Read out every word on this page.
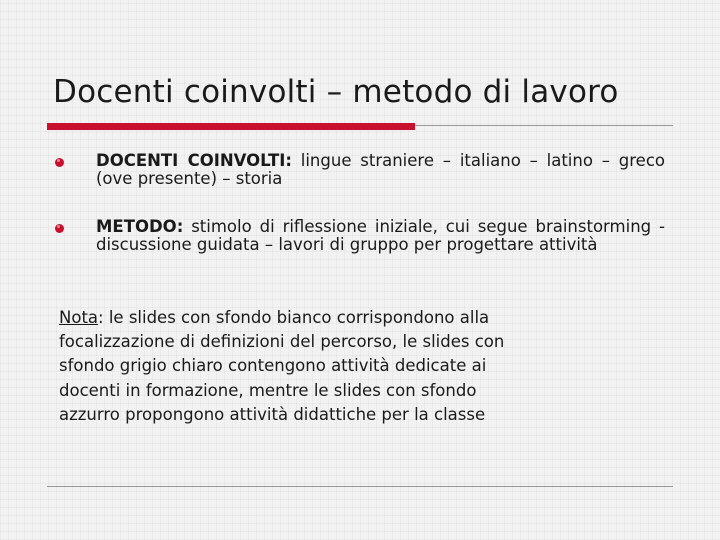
Docenti coinvolti – metodo di lavoro
DOCENTI COINVOLTI: lingue straniere – italiano – latino – greco (ove presente) – storia
METODO: stimolo di riflessione iniziale, cui segue brainstorming - discussione guidata – lavori di gruppo per progettare attività

Nota: le slides con sfondo bianco corrispondono alla focalizzazione di definizioni del percorso, le slides con sfondo grigio chiaro contengono attività dedicate ai docenti in formazione, mentre le slides con sfondo azzurro propongono attività didattiche per la classe
